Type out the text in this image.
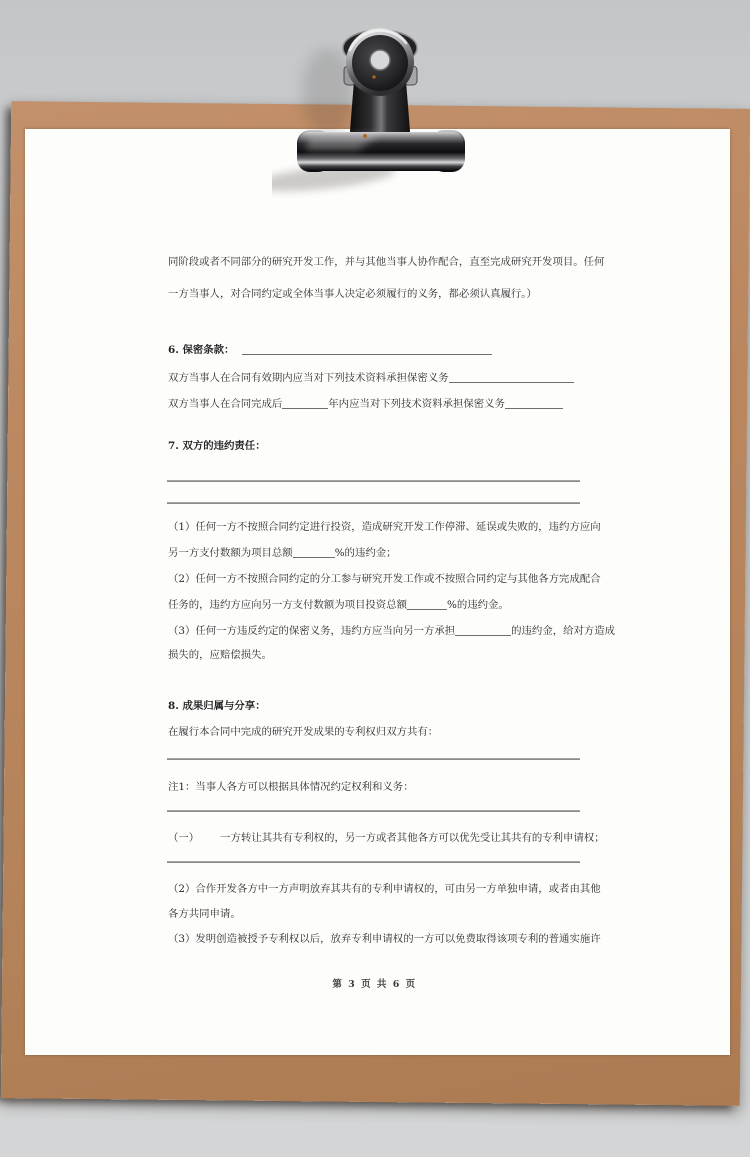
同阶段或者不同部分的研究开发工作，并与其他当事人协作配合，直至完成研究开发项目。任何
一方当事人，对合同约定或全体当事人决定必须履行的义务，都必须认真履行。）
6. 保密条款：
双方当事人在合同有效期内应当对下列技术资料承担保密义务
双方当事人在合同完成后	年内应当对下列技术资料承担保密义务
7. 双方的违约责任：
（1）任何一方不按照合同约定进行投资，造成研究开发工作停滞、延误或失败的，违约方应向
另一方支付数额为项目总额	%的违约金；
（2）任何一方不按照合同约定的分工参与研究开发工作或不按照合同约定与其他各方完成配合
任务的，违约方应向另一方支付数额为项目投资总额	%的违约金。
（3）任何一方违反约定的保密义务，违约方应当向另一方承担	的违约金，给对方造成
损失的，应赔偿损失。
8. 成果归属与分享：
在履行本合同中完成的研究开发成果的专利权归双方共有：
注1：当事人各方可以根据具体情况约定权利和义务：
（一） 一方转让其共有专利权的，另一方或者其他各方可以优先受让其共有的专利申请权；
（2）合作开发各方中一方声明放弃其共有的专利申请权的，可由另一方单独申请，或者由其他
各方共同申请。
（3）发明创造被授予专利权以后，放弃专利申请权的一方可以免费取得该项专利的普通实施许
第 3 页 共 6 页
